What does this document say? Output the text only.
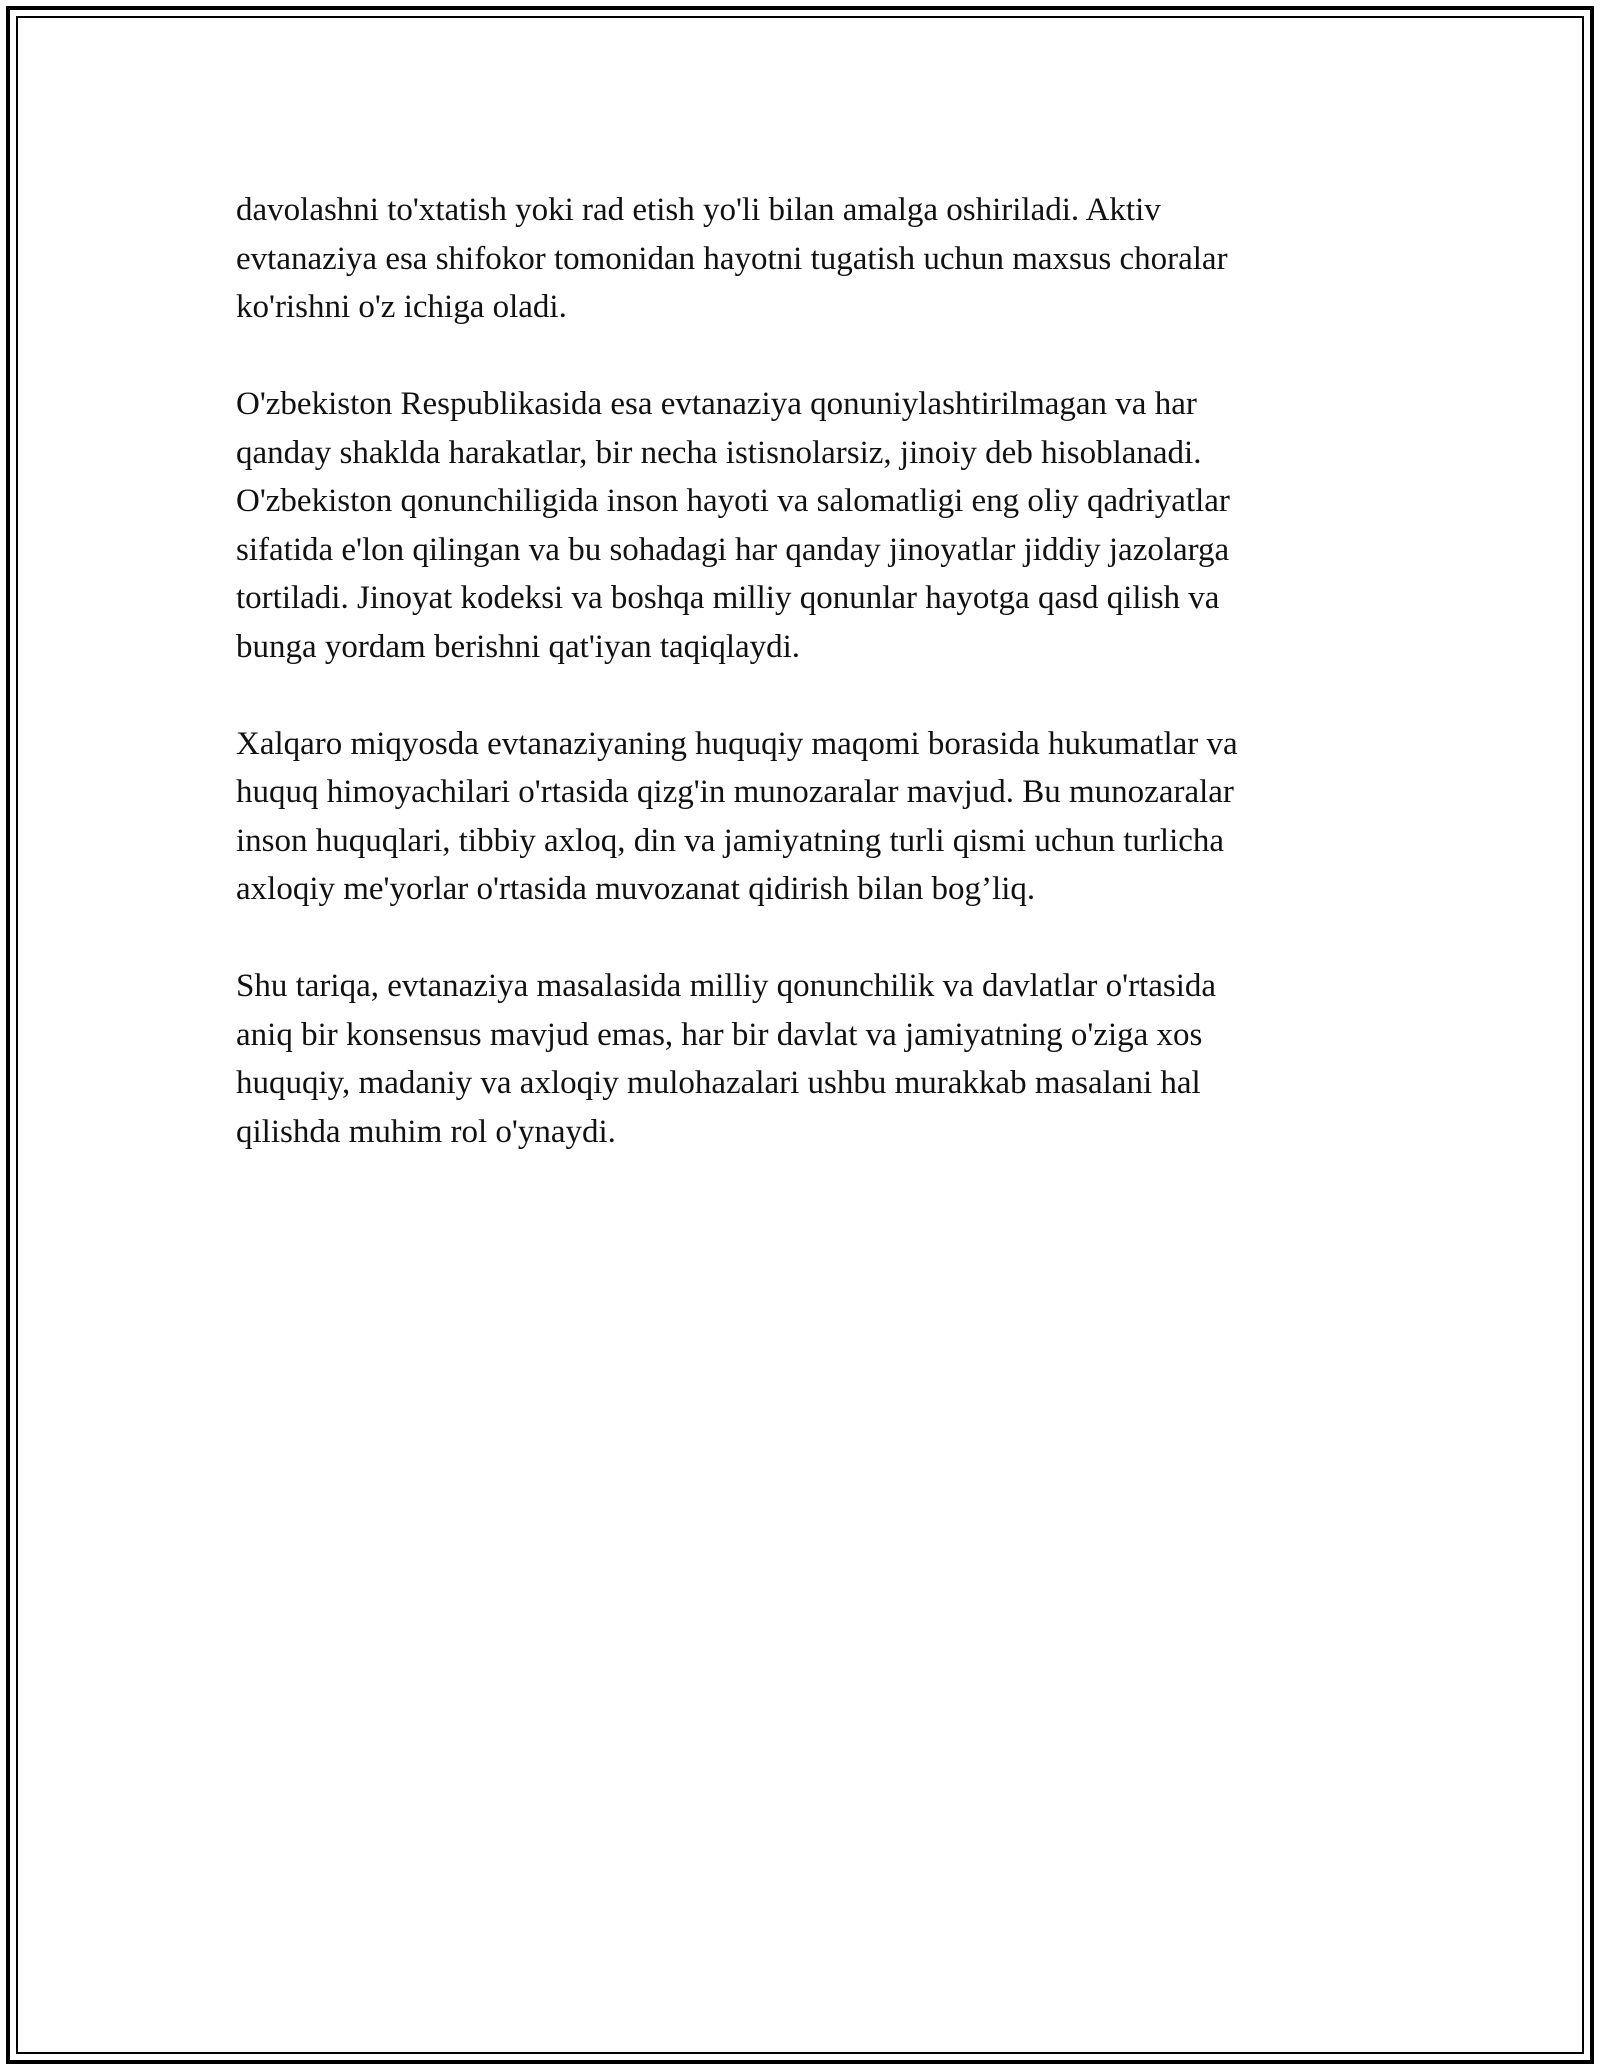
davolashni to'xtatish yoki rad etish yo'li bilan amalga oshiriladi. Aktiv
evtanaziya esa shifokor tomonidan hayotni tugatish uchun maxsus choralar
ko'rishni o'z ichiga oladi.

O'zbekiston Respublikasida esa evtanaziya qonuniylashtirilmagan va har
qanday shakldа harakatlar, bir necha istisnolarsiz, jinoiy deb hisoblanadi.
O'zbekiston qonunchiligida inson hayoti va salomatligi eng oliy qadriyatlar
sifatida e'lon qilingan va bu sohadagi har qanday jinoyatlar jiddiy jazolarga
tortiladi. Jinoyat kodeksi va boshqa milliy qonunlar hayotga qasd qilish va
bunga yordam berishni qat'iyan taqiqlaydi.

Xalqaro miqyosda evtanaziyaning huquqiy maqomi borasida hukumatlar va
huquq himoyachilari o'rtasida qizg'in munozaralar mavjud. Bu munozaralar
inson huquqlari, tibbiy axloq, din va jamiyatning turli qismi uchun turlicha
axloqiy me'yorlar o'rtasida muvozanat qidirish bilan bog’liq.

Shu tariqa, evtanaziya masalasida milliy qonunchilik va davlatlar o'rtasida
aniq bir konsensus mavjud emas, har bir davlat va jamiyatning o'ziga xos
huquqiy, madaniy va axloqiy mulohazalari ushbu murakkab masalani hal
qilishda muhim rol o'ynaydi.
